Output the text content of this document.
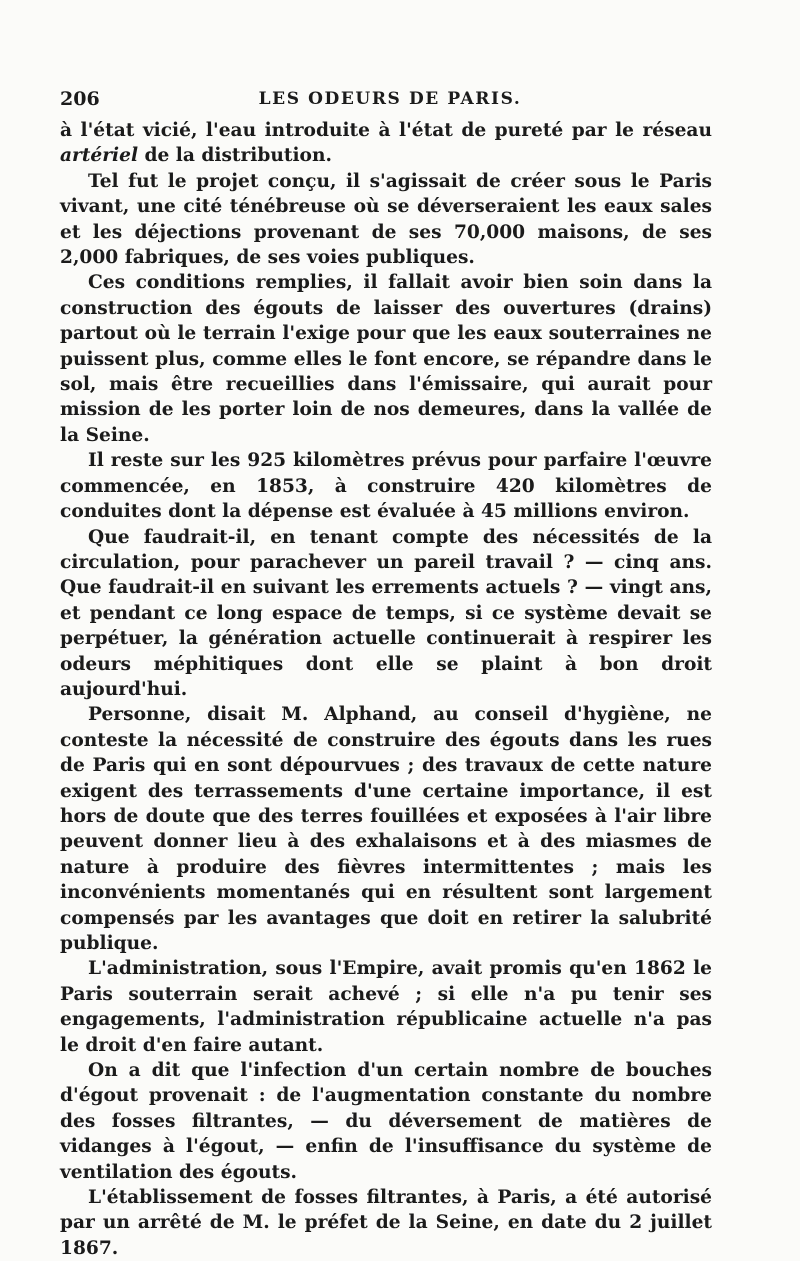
206	LES ODEURS DE PARIS.

à l'état vicié, l'eau introduite à l'état de pureté par le réseau artériel de la distribution.

Tel fut le projet conçu, il s'agissait de créer sous le Paris vivant, une cité ténébreuse où se déverseraient les eaux sales et les déjections provenant de ses 70,000 maisons, de ses 2,000 fabriques, de ses voies publiques.

Ces conditions remplies, il fallait avoir bien soin dans la construction des égouts de laisser des ouvertures (drains) partout où le terrain l'exige pour que les eaux souterraines ne puissent plus, comme elles le font encore, se répandre dans le sol, mais être recueillies dans l'émissaire, qui aurait pour mission de les porter loin de nos demeures, dans la vallée de la Seine.

Il reste sur les 925 kilomètres prévus pour parfaire l'œuvre commencée, en 1853, à construire 420 kilomètres de conduites dont la dépense est évaluée à 45 millions environ.

Que faudrait-il, en tenant compte des nécessités de la circulation, pour parachever un pareil travail ? — cinq ans. Que faudrait-il en suivant les errements actuels ? — vingt ans, et pendant ce long espace de temps, si ce système devait se perpétuer, la génération actuelle continuerait à respirer les odeurs méphitiques dont elle se plaint à bon droit aujourd'hui.

Personne, disait M. Alphand, au conseil d'hygiène, ne conteste la nécessité de construire des égouts dans les rues de Paris qui en sont dépourvues ; des travaux de cette nature exigent des terrassements d'une certaine importance, il est hors de doute que des terres fouillées et exposées à l'air libre peuvent donner lieu à des exhalaisons et à des miasmes de nature à produire des fièvres intermittentes ; mais les inconvénients momentanés qui en résultent sont largement compensés par les avantages que doit en retirer la salubrité publique.

L'administration, sous l'Empire, avait promis qu'en 1862 le Paris souterrain serait achevé ; si elle n'a pu tenir ses engagements, l'administration républicaine actuelle n'a pas le droit d'en faire autant.

On a dit que l'infection d'un certain nombre de bouches d'égout provenait : de l'augmentation constante du nombre des fosses filtrantes, — du déversement de matières de vidanges à l'égout, — enfin de l'insuffisance du système de ventilation des égouts.

L'établissement de fosses filtrantes, à Paris, a été autorisé par un arrêté de M. le préfet de la Seine, en date du 2 juillet 1867.
